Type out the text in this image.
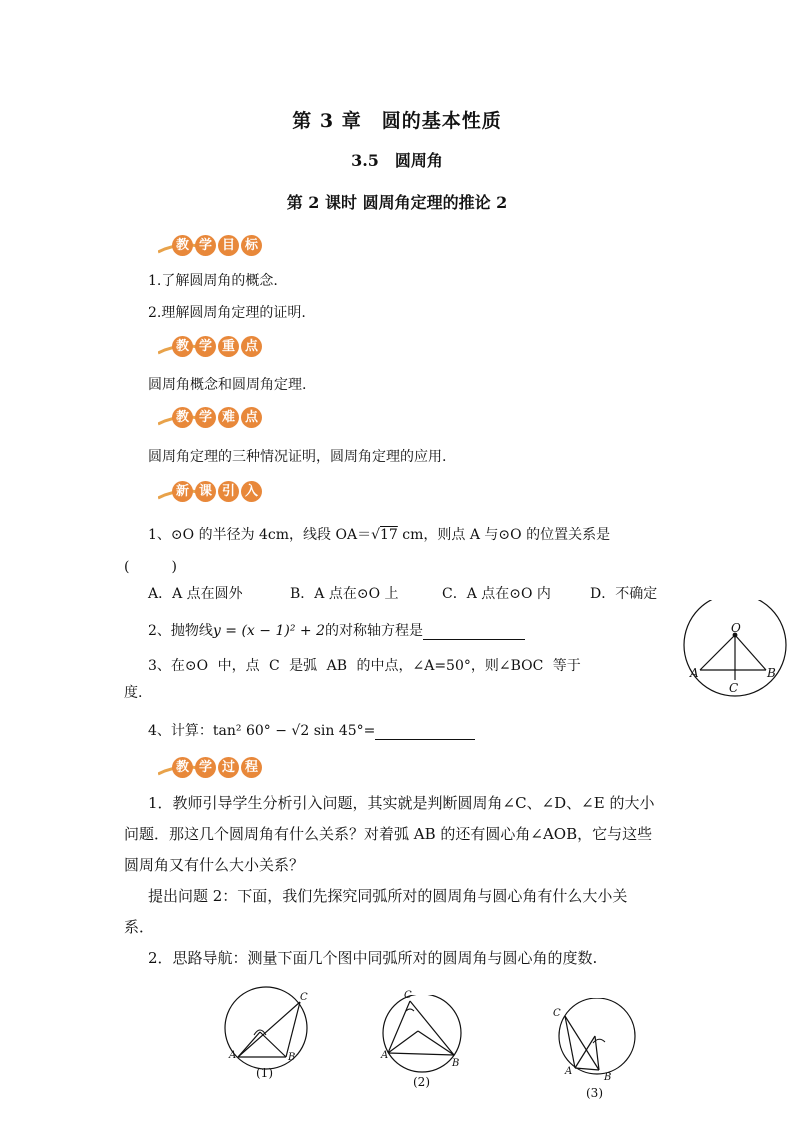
第 3 章　圆的基本性质
3.5　圆周角
第 2 课时 圆周角定理的推论 2
教 学 目 标
1.了解圆周角的概念.
2.理解圆周角定理的证明.
教 学 重 点
圆周角概念和圆周角定理.
教 学 难 点
圆周角定理的三种情况证明，圆周角定理的应用.
新 课 引 入
1、⊙O 的半径为 4cm，线段 OA＝√17 cm，则点 A 与⊙O 的位置关系是
(　　　)
A．A 点在圆外	B．A 点在⊙O 上	C．A 点在⊙O 内	D．不确定
2、抛物线y = (x − 1)² + 2的对称轴方程是
3、在⊙O 中，点 C 是弧 AB 的中点，∠A=50°，则∠BOC 等于
度.
4、计算：tan² 60° − √2 sin 45°=
O
A	B
C
教 学 过 程
1．教师引导学生分析引入问题，其实就是判断圆周角∠C、∠D、∠E 的大小
问题．那这几个圆周角有什么关系？对着弧 AB 的还有圆心角∠AOB，它与这些
圆周角又有什么大小关系？
提出问题 2：下面，我们先探究同弧所对的圆周角与圆心角有什么大小关
系．
2．思路导航：测量下面几个图中同弧所对的圆周角与圆心角的度数.
A	B
C
(1)
A
B
C
(2)
A
B
C
(3)
